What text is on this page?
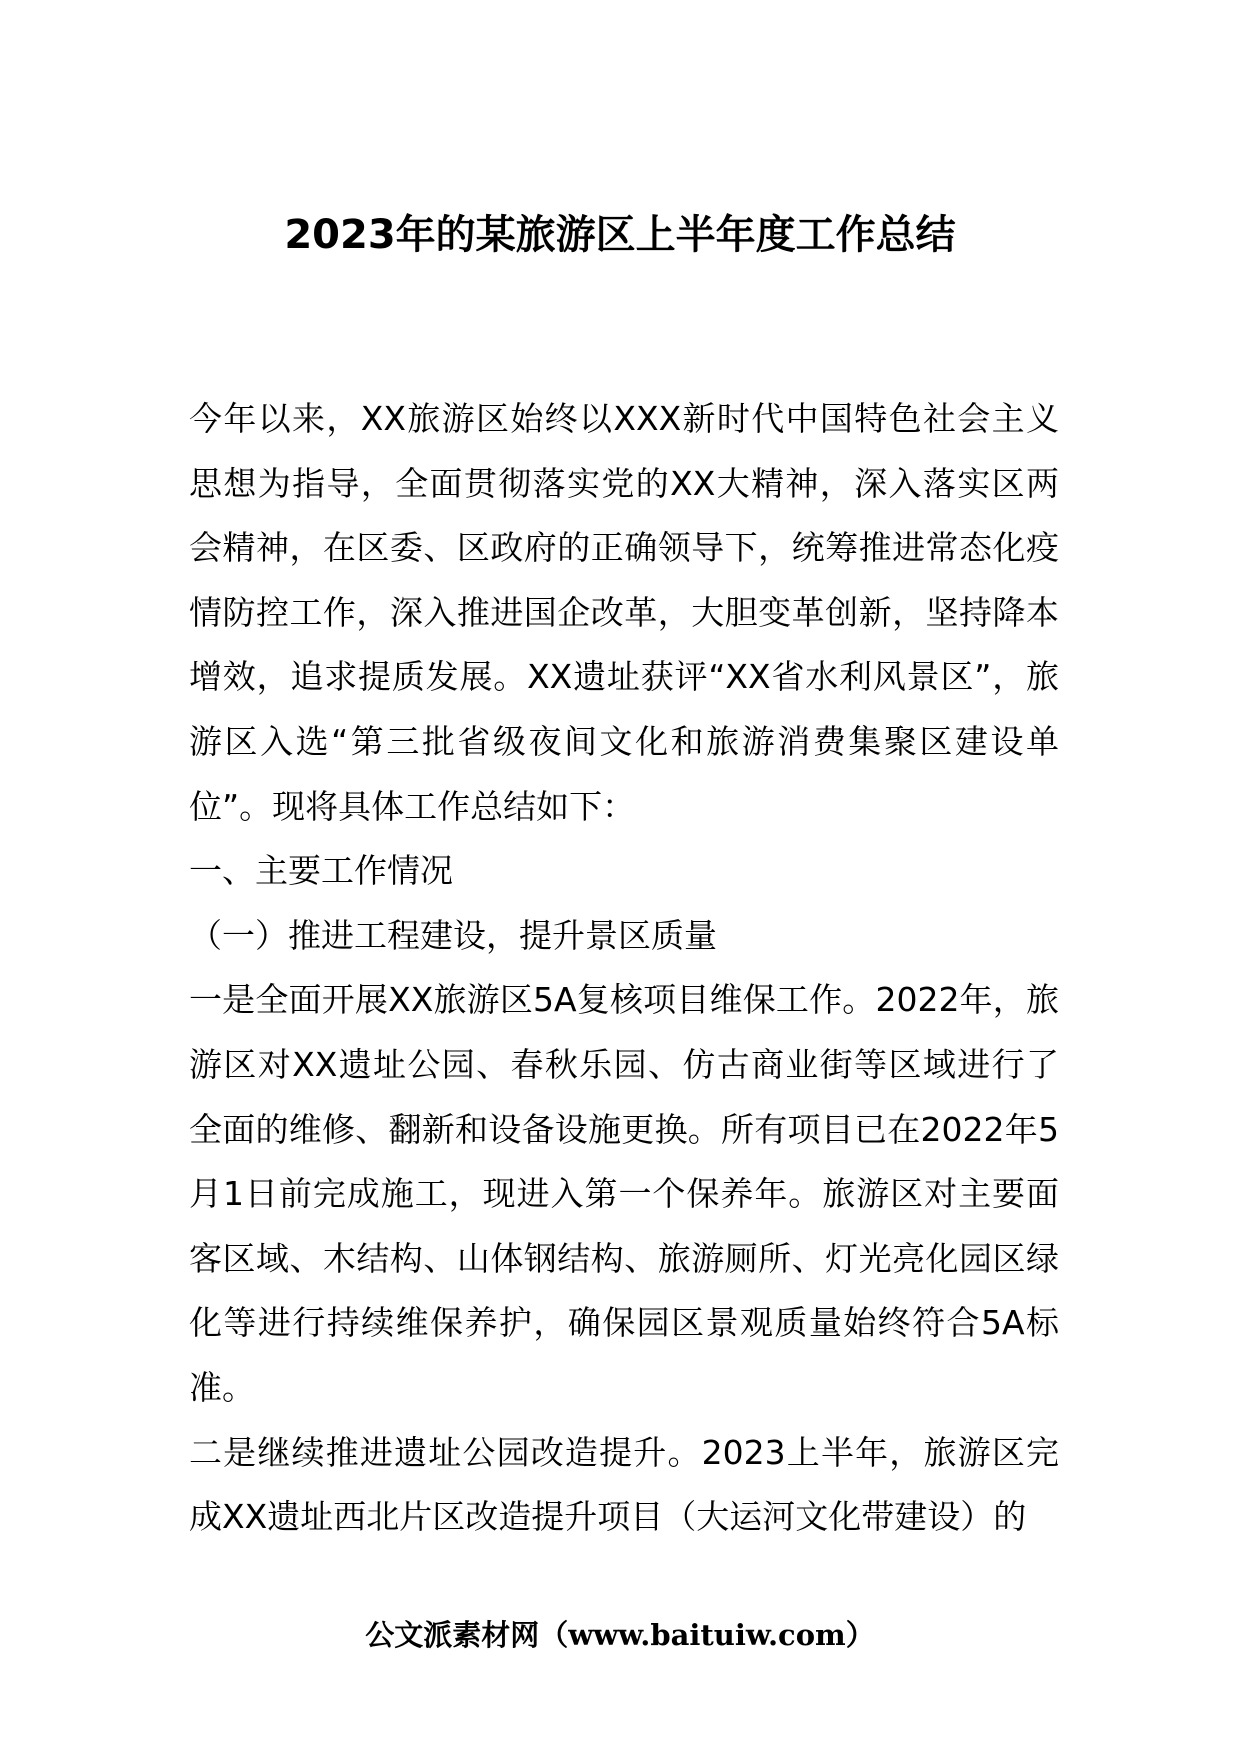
2023年的某旅游区上半年度工作总结

今年以来，XX旅游区始终以XXX新时代中国特色社会主义思想为指导，全面贯彻落实党的XX大精神，深入落实区两会精神，在区委、区政府的正确领导下，统筹推进常态化疫情防控工作，深入推进国企改革，大胆变革创新，坚持降本增效，追求提质发展。XX遗址获评“XX省水利风景区”，旅游区入选“第三批省级夜间文化和旅游消费集聚区建设单位”。现将具体工作总结如下：

一、主要工作情况

（一）推进工程建设，提升景区质量

一是全面开展XX旅游区5A复核项目维保工作。2022年，旅游区对XX遗址公园、春秋乐园、仿古商业街等区域进行了全面的维修、翻新和设备设施更换。所有项目已在2022年5月1日前完成施工，现进入第一个保养年。旅游区对主要面客区域、木结构、山体钢结构、旅游厕所、灯光亮化园区绿化等进行持续维保养护，确保园区景观质量始终符合5A标准。

二是继续推进遗址公园改造提升。2023上半年，旅游区完成XX遗址西北片区改造提升项目（大运河文化带建设）的

公文派素材网（www.baituiw.com）
